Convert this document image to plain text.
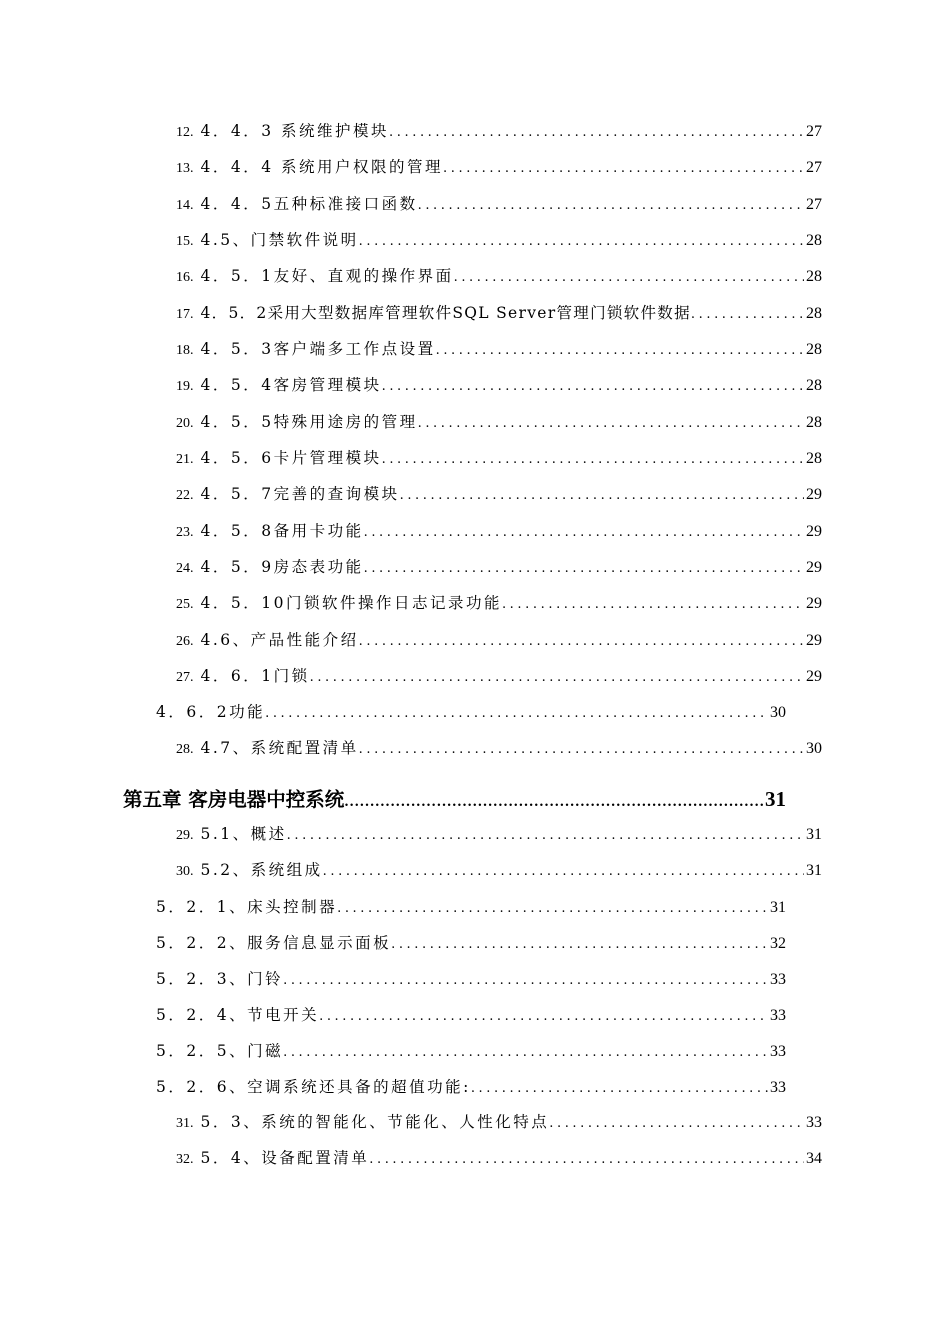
12. 4．4．3 系统维护模块 .....	27
13. 4．4．4 系统用户权限的管理 .....	27
14. 4．4．5五种标准接口函数 .....	27
15. 4.5、门禁软件说明 .....	28
16. 4．5．1友好、直观的操作界面 .....	28
17. 4．5．2采用大型数据库管理软件SQL Server管理门锁软件数据 .....	28
18. 4．5．3客户端多工作点设置 .....	28
19. 4．5．4客房管理模块 .....	28
20. 4．5．5特殊用途房的管理 .....	28
21. 4．5．6卡片管理模块 .....	28
22. 4．5．7完善的查询模块 .....	29
23. 4．5．8备用卡功能 .....	29
24. 4．5．9房态表功能 .....	29
25. 4．5．10门锁软件操作日志记录功能 .....	29
26. 4.6、产品性能介绍 .....	29
27. 4．6．1门锁 .....	29
4．6．2功能 .....	30
28. 4.7、系统配置清单 .....	30
第五章 客房电器中控系统 .....	31
29. 5.1、概述 .....	31
30. 5.2、系统组成 .....	31
5．2．1、床头控制器 .....	31
5．2．2、服务信息显示面板 .....	32
5．2．3、门铃 .....	33
5．2．4、节电开关 .....	33
5．2．5、门磁 .....	33
5．2．6、空调系统还具备的超值功能: .....	33
31. 5．3、系统的智能化、节能化、人性化特点 .....	33
32. 5．4、设备配置清单 .....	34
